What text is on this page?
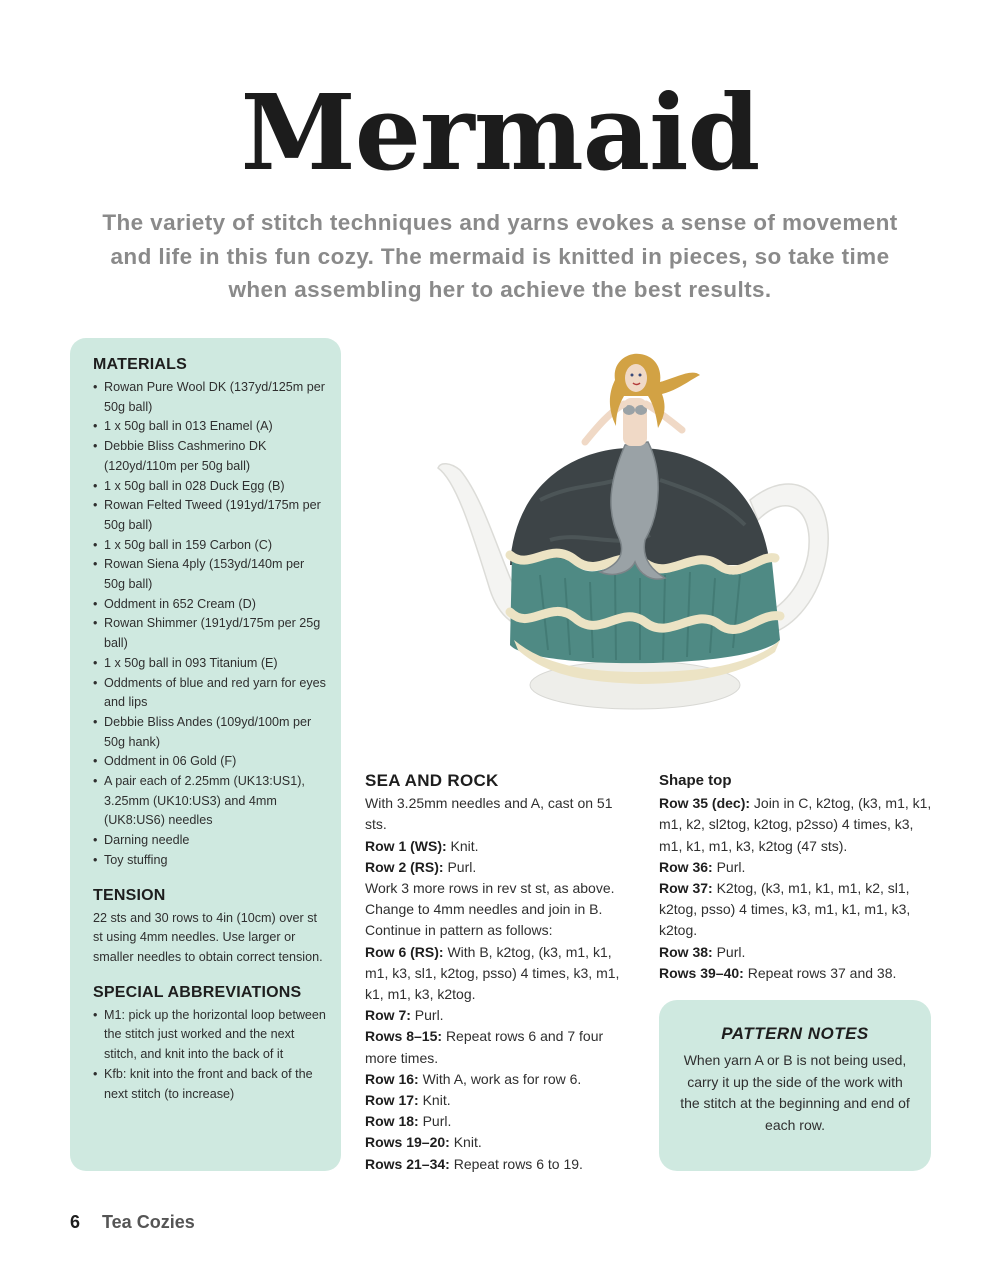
Mermaid
The variety of stitch techniques and yarns evokes a sense of movement and life in this fun cozy. The mermaid is knitted in pieces, so take time when assembling her to achieve the best results.
MATERIALS
• Rowan Pure Wool DK (137yd/125m per 50g ball)
• 1 x 50g ball in 013 Enamel (A)
• Debbie Bliss Cashmerino DK (120yd/110m per 50g ball)
• 1 x 50g ball in 028 Duck Egg (B)
• Rowan Felted Tweed (191yd/175m per 50g ball)
• 1 x 50g ball in 159 Carbon (C)
• Rowan Siena 4ply (153yd/140m per 50g ball)
• Oddment in 652 Cream (D)
• Rowan Shimmer (191yd/175m per 25g ball)
• 1 x 50g ball in 093 Titanium (E)
• Oddments of blue and red yarn for eyes and lips
• Debbie Bliss Andes (109yd/100m per 50g hank)
• Oddment in 06 Gold (F)
• A pair each of 2.25mm (UK13:US1), 3.25mm (UK10:US3) and 4mm (UK8:US6) needles
• Darning needle
• Toy stuffing
TENSION

22 sts and 30 rows to 4in (10cm) over st st using 4mm needles. Use larger or smaller needles to obtain correct tension.

SPECIAL ABBREVIATIONS
• M1: pick up the horizontal loop between the stitch just worked and the next stitch, and knit into the back of it
• Kfb: knit into the front and back of the next stitch (to increase)
SEA AND ROCK

With 3.25mm needles and A, cast on 51 sts.

Row 1 (WS): Knit.

Row 2 (RS): Purl.

Work 3 more rows in rev st st, as above.

Change to 4mm needles and join in B.

Continue in pattern as follows:

Row 6 (RS): With B, k2tog, (k3, m1, k1, m1, k3, sl1, k2tog, psso) 4 times, k3, m1, k1, m1, k3, k2tog.

Row 7: Purl.

Rows 8–15: Repeat rows 6 and 7 four more times.

Row 16: With A, work as for row 6.

Row 17: Knit.

Row 18: Purl.

Rows 19–20: Knit.

Rows 21–34: Repeat rows 6 to 19.

Shape top

Row 35 (dec): Join in C, k2tog, (k3, m1, k1, m1, k2, sl2tog, k2tog, p2sso) 4 times, k3, m1, k1, m1, k3, k2tog (47 sts).

Row 36: Purl.

Row 37: K2tog, (k3, m1, k1, m1, k2, sl1, k2tog, psso) 4 times, k3, m1, k1, m1, k3, k2tog.

Row 38: Purl.

Rows 39–40: Repeat rows 37 and 38.

PATTERN NOTES

When yarn A or B is not being used, carry it up the side of the work with the stitch at the beginning and end of each row.

6 Tea Cozies
